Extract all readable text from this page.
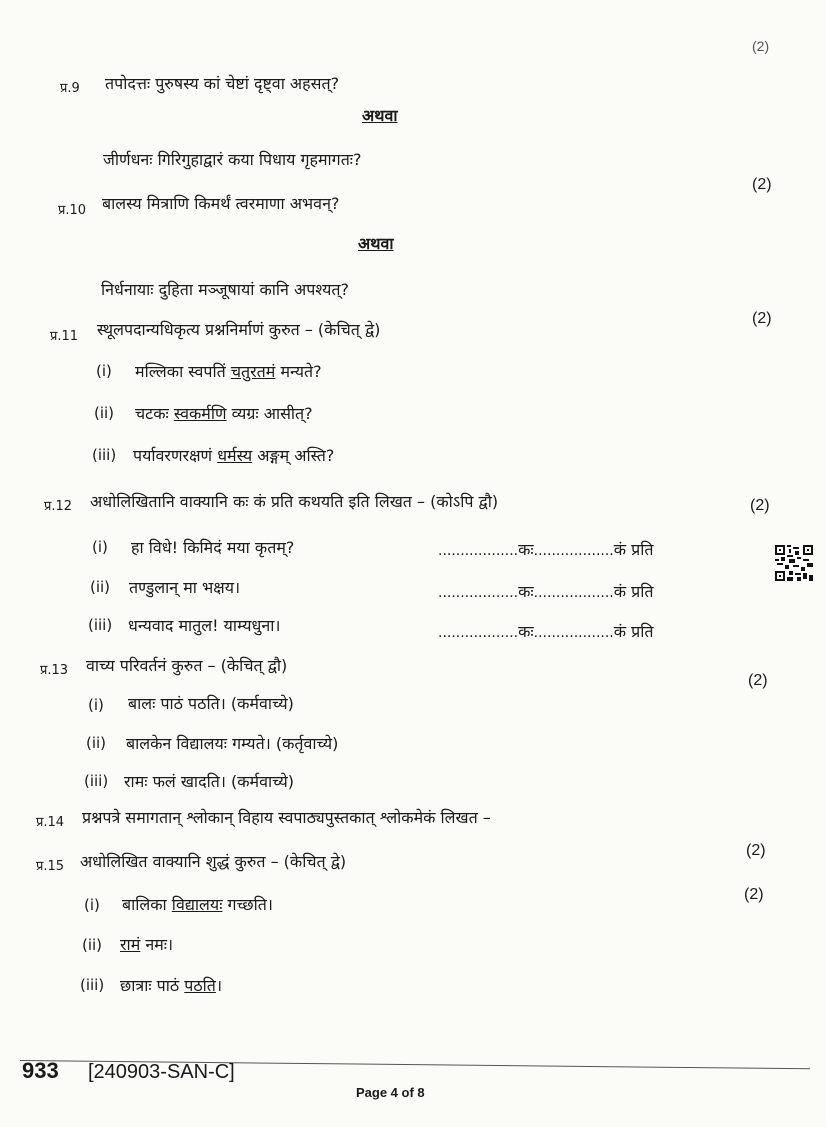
(2)
प्र.9 तपोदत्तः पुरुषस्य कां चेष्टां दृष्ट्वा अहसत्?
अथवा
जीर्णधनः गिरिगुहाद्वारं कया पिधाय गृहमागतः?
प्र.10 बालस्य मित्राणि किमर्थं त्वरमाणा अभवन्?
(2)
अथवा
निर्धनायाः दुहिता मञ्जूषायां कानि अपश्यत्?
प्र.11 स्थूलपदान्यधिकृत्य प्रश्ननिर्माणं कुरुत – (केचित् द्वे)
(2)
(i) मल्लिका स्वपतिं चतुरतमं मन्यते?
(ii) चटकः स्वकर्मणि व्यग्रः आसीत्?
(iii) पर्यावरणरक्षणं धर्मस्य अङ्गम् अस्ति?
प्र.12 अधोलिखितानि वाक्यानि कः कं प्रति कथयति इति लिखत – (कोऽपि द्वौ)	(2)
(i) हा विधे! किमिदं मया कृतम्?	..................कः..................कं प्रति
(ii) तण्डुलान् मा भक्षय।	..................कः..................कं प्रति
(iii) धन्यवाद मातुल! याम्यधुना।	..................कः..................कं प्रति
प्र.13 वाच्य परिवर्तनं कुरुत – (केचित् द्वौ)
(2)
(i) बालः पाठं पठति। (कर्मवाच्ये)
(ii) बालकेन विद्यालयः गम्यते। (कर्तृवाच्ये)
(iii) रामः फलं खादति। (कर्मवाच्ये)
प्र.14 प्रश्नपत्रे समागतान् श्लोकान् विहाय स्वपाठ्यपुस्तकात् श्लोकमेकं लिखत –
प्र.15 अधोलिखित वाक्यानि शुद्धं कुरुत – (केचित् द्वे)
(2)
(2)
(i) बालिका विद्यालयः गच्छति।
(ii) रामं नमः।
(iii) छात्राः पाठं पठति।
933 [240903-SAN-C]
Page 4 of 8
